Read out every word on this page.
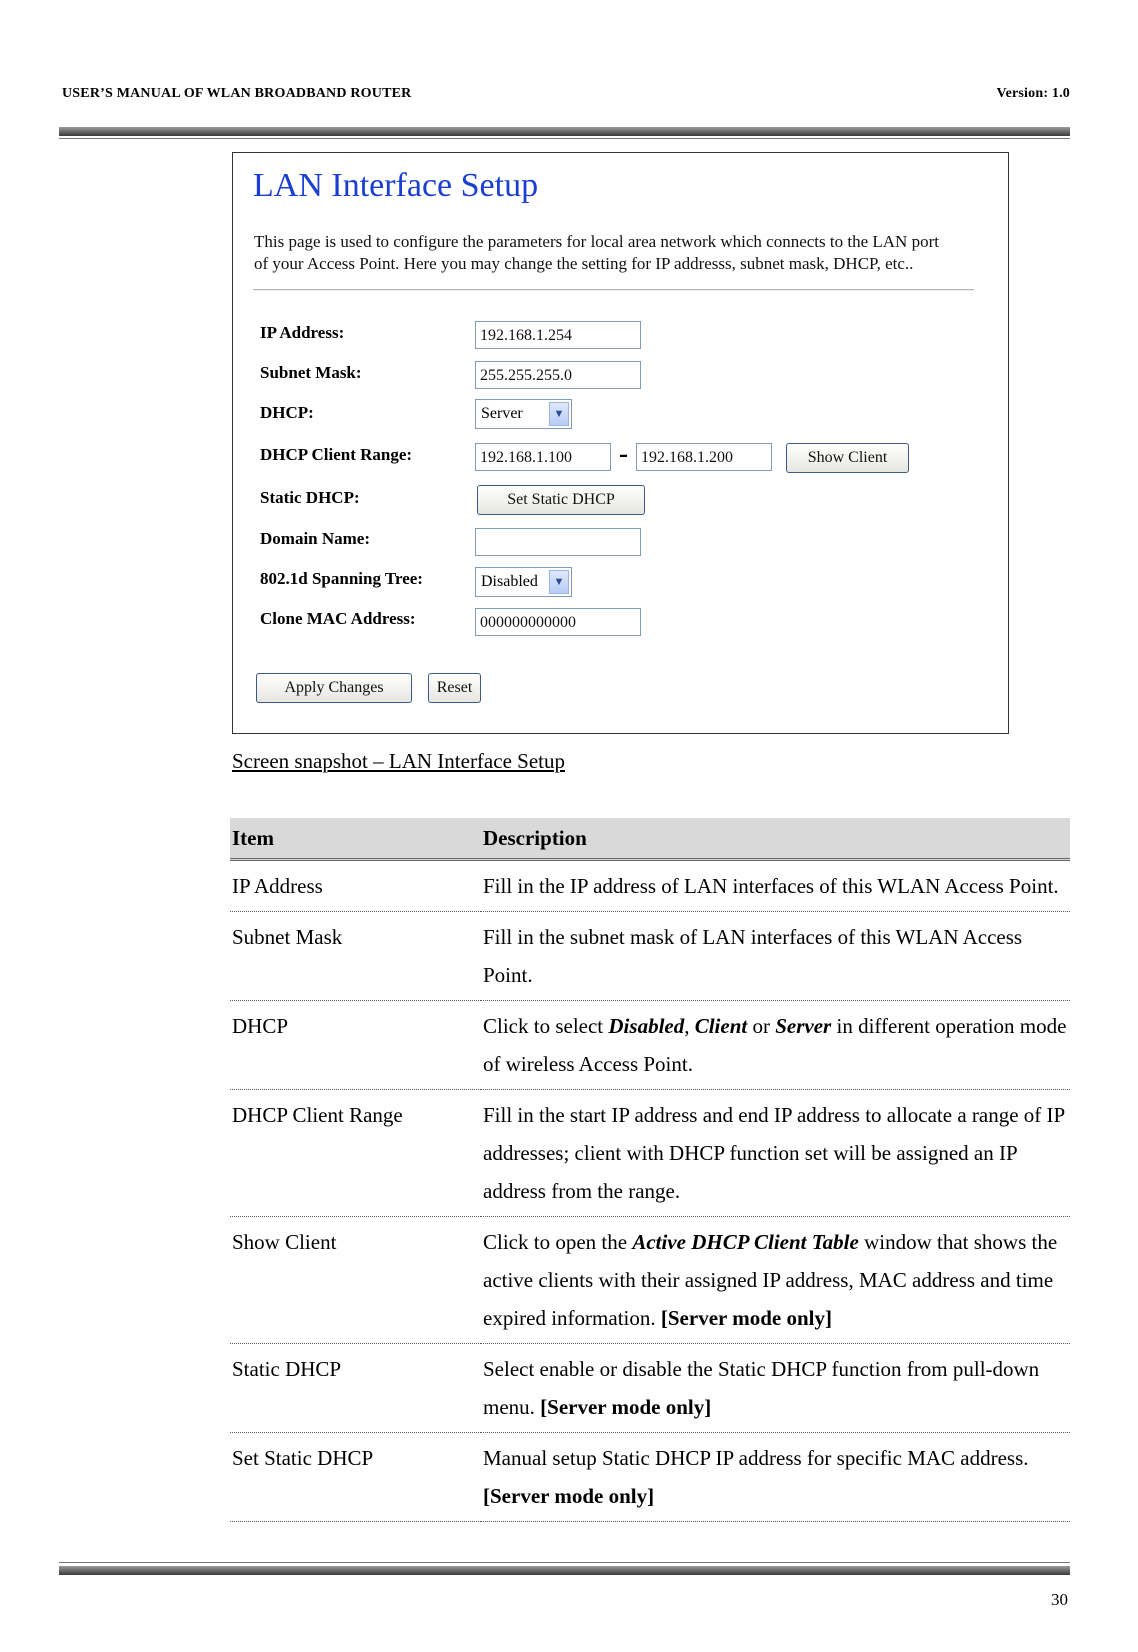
USER’S MANUAL OF WLAN BROADBAND ROUTER	Version: 1.0
LAN Interface Setup
This page is used to configure the parameters for local area network which connects to the LAN port of your Access Point. Here you may change the setting for IP addresss, subnet mask, DHCP, etc..
IP Address:	192.168.1.254
Subnet Mask:	255.255.255.0
DHCP:	Server	▼
DHCP Client Range:	192.168.1.100	– 192.168.1.200	Show Client
Static DHCP:	Set Static DHCP
Domain Name:
802.1d Spanning Tree:	Disabled	▼
Clone MAC Address:	000000000000
Apply Changes	Reset
Screen snapshot – LAN Interface Setup
Item	Description
IP Address	Fill in the IP address of LAN interfaces of this WLAN Access Point.
Subnet Mask	Fill in the subnet mask of LAN interfaces of this WLAN Access Point.
DHCP	Click to select Disabled, Client or Server in different operation mode of wireless Access Point.
DHCP Client Range	Fill in the start IP address and end IP address to allocate a range of IP addresses; client with DHCP function set will be assigned an IP address from the range.
Show Client	Click to open the Active DHCP Client Table window that shows the active clients with their assigned IP address, MAC address and time expired information. [Server mode only]
Static DHCP	Select enable or disable the Static DHCP function from pull-down menu. [Server mode only]
Set Static DHCP	Manual setup Static DHCP IP address for specific MAC address. [Server mode only]
30
